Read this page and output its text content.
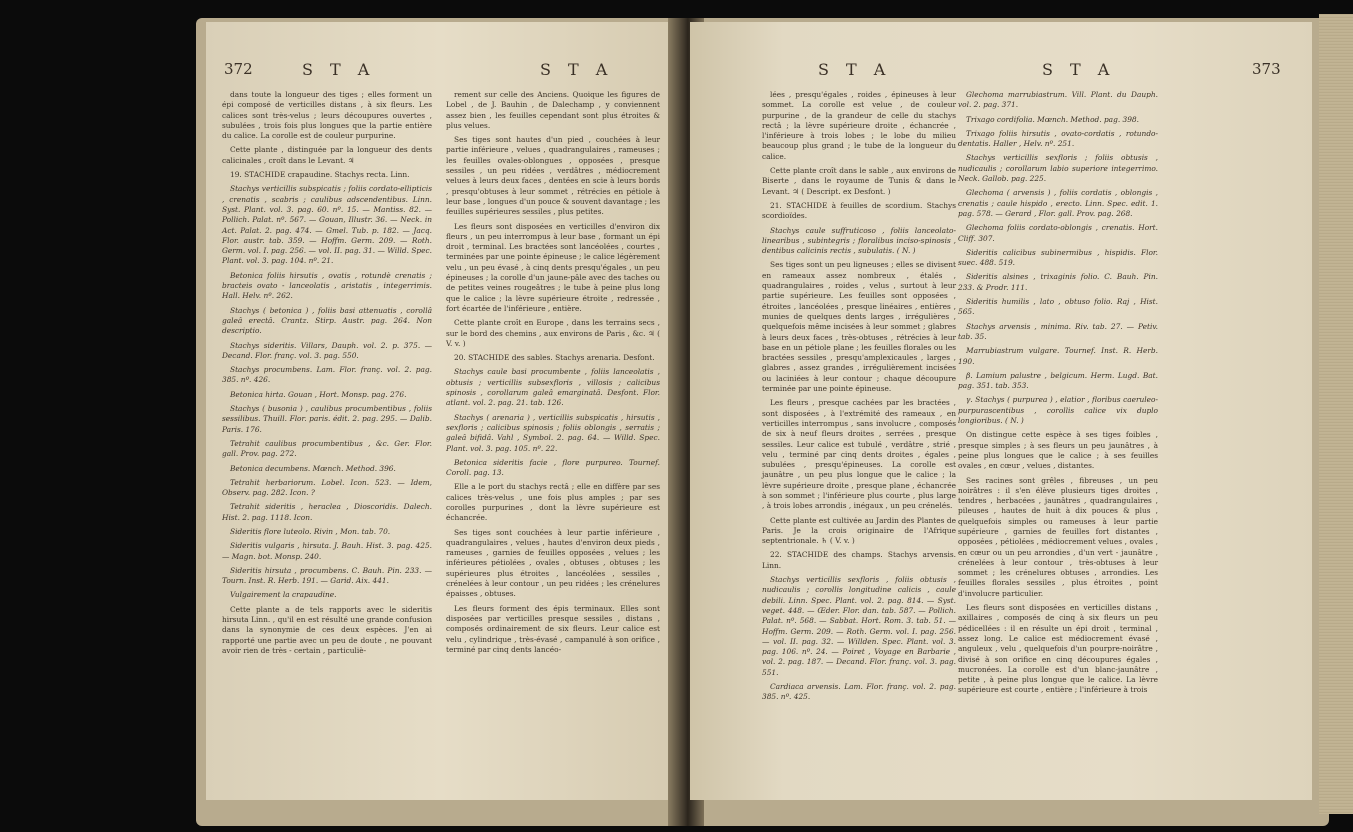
372	S T A	S T A

dans toute la longueur des tiges ; elles forment un épi composé de verticilles distans , à six fleurs. Les calices sont très-velus ; leurs découpures ouvertes , subulées , trois fois plus longues que la partie entière du calice. La corolle est de couleur purpurine.

Cette plante , distinguée par la longueur des dents calicinales , croît dans le Levant. ♃

19. STACHIDE crapaudine. Stachys recta. Linn.

Stachys verticillis subspicatis ; foliis cordato-ellipticis , crenatis , scabris ; caulibus adscendentibus. Linn. Syst. Plant. vol. 3. pag. 60. nº. 15. — Mantiss. 82. — Pollich. Palat. nº. 567. — Gouan, Illustr. 36. — Neck. in Act. Palat. 2. pag. 474. — Gmel. Tub. p. 182. — Jacq. Flor. austr. tab. 359. — Hoffm. Germ. 209. — Roth. Germ. vol. I. pag. 256. — vol. II. pag. 31. — Willd. Spec. Plant. vol. 3. pag. 104. nº. 21.

Betonica foliis hirsutis , ovatis , rotundè crenatis ; bracteis ovato - lanceolatis , aristatis , integerrimis. Hall. Helv. nº. 262.

Stachys ( betonica ) , foliis basi attenuatis , corollâ galeâ erectâ. Crantz. Stirp. Austr. pag. 264. Non descriptio.

Stachys sideritis. Villars, Dauph. vol. 2. p. 375. — Decand. Flor. franç. vol. 3. pag. 550.

Stachys procumbens. Lam. Flor. franç. vol. 2. pag. 385. nº. 426.

Betonica hirta. Gouan , Hort. Monsp. pag. 276.

Stachys ( busonia ) , caulibus procumbentibus , foliis sessilibus. Thuill. Flor. paris. édit. 2. pag. 295. — Dalib. Paris. 176.

Tetrahit caulibus procumbentibus , &c. Ger. Flor. gall. Prov. pag. 272.

Betonica decumbens. Mœnch. Method. 396.

Tetrahit herbariorum. Lobel. Icon. 523. — Idem, Observ. pag. 282. Icon. ?

Tetrahit sideritis , heraclea , Dioscoridis. Dalech. Hist. 2. pag. 1118. Icon.

Sideritis flore luteolo. Rivin , Mon. tab. 70.

Sideritis vulgaris , hirsuta. J. Bauh. Hist. 3. pag. 425. — Magn. bot. Monsp. 240.

Sideritis hirsuta , procumbens. C. Bauh. Pin. 233. — Tourn. Inst. R. Herb. 191. — Garid. Aix. 441.

Vulgairement la crapaudine.

Cette plante a de tels rapports avec le sideritis hirsuta Linn. , qu'il en est résulté une grande confusion dans la synonymie de ces deux espèces. J'en ai rapporté une partie avec un peu de doute , ne pouvant avoir rien de très - certain , particuliè-

rement sur celle des Anciens. Quoique les figures de Lobel , de J. Bauhin , de Dalechamp , y conviennent assez bien , les feuilles cependant sont plus étroites & plus velues.

Ses tiges sont hautes d'un pied , couchées à leur partie inférieure , velues , quadrangulaires , rameuses ; les feuilles ovales-oblongues , opposées , presque sessiles , un peu ridées , verdâtres , médiocrement velues à leurs deux faces , dentées en scie à leurs bords , presqu'obtuses à leur sommet , rétrécies en pétiole à leur base , longues d'un pouce & souvent davantage ; les feuilles supérieures sessiles , plus petites.

Les fleurs sont disposées en verticilles d'environ dix fleurs , un peu interrompus à leur base , formant un épi droit , terminal. Les bractées sont lancéolées , courtes , terminées par une pointe épineuse ; le calice légèrement velu , un peu évasé , à cinq dents presqu'égales , un peu épineuses ; la corolle d'un jaune-pâle avec des taches ou de petites veines rougeâtres ; le tube à peine plus long que le calice ; la lèvre supérieure étroite , redressée , fort écartée de l'inférieure , entière.

Cette plante croît en Europe , dans les terrains secs , sur le bord des chemins , aux environs de Paris , &c. ♃ ( V. v. )

20. STACHIDE des sables. Stachys arenaria. Desfont.

Stachys caule basi procumbente , foliis lanceolatis , obtusis ; verticillis subsexfloris , villosis ; calicibus spinosis , corollarum galeâ emarginatâ. Desfont. Flor. atlant. vol. 2. pag. 21. tab. 126.

Stachys ( arenaria ) , verticillis subspicatis , hirsutis , sexfloris ; calicibus spinosis ; foliis oblongis , serratis ; galeâ bifidâ. Vahl , Symbol. 2. pag. 64. — Willd. Spec. Plant. vol. 3. pag. 105. nº. 22.

Betonica sideritis facie , flore purpureo. Tournef. Coroll. pag. 13.

Elle a le port du stachys rectâ ; elle en diffère par ses calices très-velus , une fois plus amples ; par ses corolles purpurines , dont la lèvre supérieure est échancrée.

Ses tiges sont couchées à leur partie inférieure , quadrangulaires , velues , hautes d'environ deux pieds , rameuses , garnies de feuilles opposées , velues ; les inférieures pétiolées , ovales , obtuses , obtuses ; les supérieures plus étroites , lancéolées , sessiles , crénelées à leur contour , un peu ridées ; les crénelures épaisses , obtuses.

Les fleurs forment des épis terminaux. Elles sont disposées par verticilles presque sessiles , distans , composés ordinairement de six fleurs. Leur calice est velu , cylindrique , très-évasé , campanulé à son orifice , terminé par cinq dents lancéo-

S T A	S T A	373

lées , presqu'égales , roides , épineuses à leur sommet. La corolle est velue , de couleur purpurine , de la grandeur de celle du stachys rectâ ; la lèvre supérieure droite , échancrée , l'inférieure à trois lobes ; le lobe du milieu beaucoup plus grand ; le tube de la longueur du calice.

Cette plante croît dans le sable , aux environs de Biserte , dans le royaume de Tunis & dans le Levant. ♃ ( Descript. ex Desfont. )

21. STACHIDE à feuilles de scordium. Stachys scordioïdes.

Stachys caule suffruticoso , foliis lanceolato-linearibus , subintegris ; floralibus inciso-spinosis , dentibus calicinis rectis , subulatis. ( N. )

Ses tiges sont un peu ligneuses ; elles se divisent en rameaux assez nombreux , étalés , quadrangulaires , roides , velus , surtout à leur partie supérieure. Les feuilles sont opposées , étroites , lancéolées , presque linéaires , entières , munies de quelques dents larges , irrégulières , quelquefois même incisées à leur sommet ; glabres à leurs deux faces , très-obtuses , rétrécies à leur base en un pétiole plane ; les feuilles florales ou les bractées sessiles , presqu'amplexicaules , larges , glabres , assez grandes , irrégulièrement incisées ou laciniées à leur contour ; chaque découpure terminée par une pointe épineuse.

Les fleurs , presque cachées par les bractées , sont disposées , à l'extrémité des rameaux , en verticilles interrompus , sans involucre , composés de six à neuf fleurs droites , serrées , presque sessiles. Leur calice est tubulé , verdâtre , strié , velu , terminé par cinq dents droites , égales , subulées , presqu'épineuses. La corolle est jaunâtre , un peu plus longue que le calice ; la lèvre supérieure droite , presque plane , échancrée à son sommet ; l'inférieure plus courte , plus large , à trois lobes arrondis , inégaux , un peu crénelés.

Cette plante est cultivée au Jardin des Plantes de Paris. Je la crois originaire de l'Afrique septentrionale. ♄ ( V. v. )

22. STACHIDE des champs. Stachys arvensis. Linn.

Stachys verticillis sexfloris , foliis obtusis , nudicaulis ; corollis longitudine calicis , caule debili. Linn. Spec. Plant. vol. 2. pag. 814. — Syst. veget. 448. — Œder. Flor. dan. tab. 587. — Pollich. Palat. nº. 568. — Sabbat. Hort. Rom. 3. tab. 51. — Hoffm. Germ. 209. — Roth. Germ. vol. I. pag. 256. — vol. II. pag. 32. — Willden. Spec. Plant. vol. 3. pag. 106. nº. 24. — Poiret , Voyage en Barbarie , vol. 2. pag. 187. — Decand. Flor. franç. vol. 3. pag. 551.

Cardiaca arvensis. Lam. Flor. franç. vol. 2. pag. 385. nº. 425.

Glechoma marrubiastrum. Vill. Plant. du Dauph. vol. 2. pag. 371.

Trixago cordifolia. Mœnch. Method. pag. 398.

Trixago foliis hirsutis , ovato-cordatis , rotundo-dentatis. Haller , Helv. nº. 251.

Stachys verticillis sexfloris ; foliis obtusis , nudicaulis ; corollarum labio superiore integerrimo. Neck. Gallob. pag. 225.

Glechoma ( arvensis ) , foliis cordatis , oblongis , crenatis ; caule hispido , erecto. Linn. Spec. edit. 1. pag. 578. — Gerard , Flor. gall. Prov. pag. 268.

Glechoma foliis cordato-oblongis , crenatis. Hort. Cliff. 307.

Sideritis calicibus subinermibus , hispidis. Flor. suec. 488. 519.

Sideritis alsines , trixaginis folio. C. Bauh. Pin. 233. & Prodr. 111.

Sideritis humilis , lato , obtuso folio. Raj , Hist. 565.

Stachys arvensis , minima. Riv. tab. 27. — Petiv. tab. 35.

Marrubiastrum vulgare. Tournef. Inst. R. Herb. 190.

β. Lamium palustre , belgicum. Herm. Lugd. Bat. pag. 351. tab. 353.

γ. Stachys ( purpurea ) , elatior , floribus caeruleo-purpurascentibus , corollis calice vix duplo longioribus. ( N. )

On distingue cette espèce à ses tiges foibles , presque simples ; à ses fleurs un peu jaunâtres , à peine plus longues que le calice ; à ses feuilles ovales , en cœur , velues , distantes.

Ses racines sont grêles , fibreuses , un peu noirâtres : il s'en élève plusieurs tiges droites , tendres , herbacées , jaunâtres , quadrangulaires , pileuses , hautes de huit à dix pouces & plus , quelquefois simples ou rameuses à leur partie supérieure , garnies de feuilles fort distantes , opposées , pétiolées , médiocrement velues , ovales , en cœur ou un peu arrondies , d'un vert - jaunâtre , crénelées à leur contour , très-obtuses à leur sommet ; les crénelures obtuses , arrondies. Les feuilles florales sessiles , plus étroites , point d'involucre particulier.

Les fleurs sont disposées en verticilles distans , axillaires , composés de cinq à six fleurs un peu pédicellées : il en résulte un épi droit , terminal , assez long. Le calice est médiocrement évasé , anguleux , velu , quelquefois d'un pourpre-noirâtre , divisé à son orifice en cinq découpures égales , mucronées. La corolle est d'un blanc-jaunâtre , petite , à peine plus longue que le calice. La lèvre supérieure est courte , entière ; l'inférieure à trois
